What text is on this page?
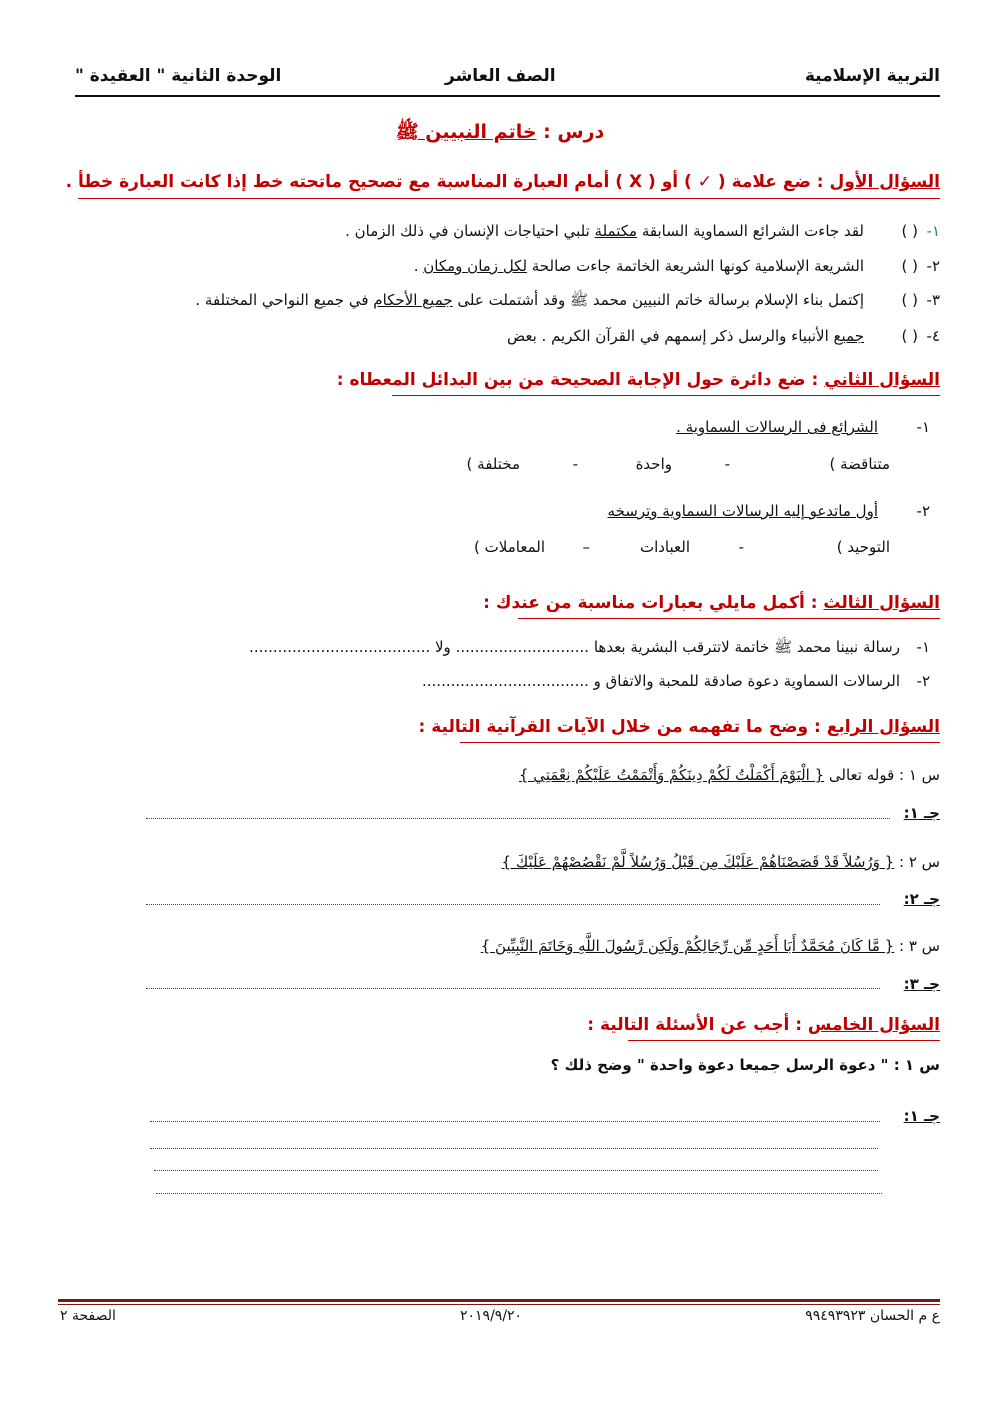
التربية الإسلامية
الصف العاشر
الوحدة الثانية " العقيدة "
درس : خاتم النبيين ﷺ
السؤال الأول : ضع علامة ( ✓ ) أو ( X ) أمام العبارة المناسبة مع تصحيح ماتحته خط إذا كانت العبارة خطأ .
١-
( )
لقد جاءت الشرائع السماوية السابقة مكتملة تلبي احتياجات الإنسان في ذلك الزمان .
٢-
( )
الشريعة الإسلامية كونها الشريعة الخاتمة جاءت صالحة لكل زمان ومكان .
٣-
( )
إكتمل بناء الإسلام برسالة خاتم النبيين محمد ﷺ وقد أشتملت على جميع الأحكام في جميع النواحي المختلفة .
٤-
( )
جميع الأنبياء والرسل ذكر إسمهم في القرآن الكريم . بعض
السؤال الثاني : ضع دائرة حول الإجابة الصحيحة من بين البدائل المعطاه :
١-
الشرائع فى الرسالات السماوية .
( متناقضة
-
واحدة
-
مختلفة )
٢-
أول ماتدعو إليه الرسالات السماوية وترسخه
( التوحيد
-
العبادات
–
المعاملات )
السؤال الثالث : أكمل مايلي بعبارات مناسبة من عندك :
١-
رسالة نبينا محمد ﷺ خاتمة لاتترقب البشرية بعدها ............................ ولا ......................................
٢-
الرسالات السماوية دعوة صادقة للمحبة والاتفاق و ...................................
السؤال الرابع : وضح ما تفهمه من خلال الآيات القرآنية التالية :
س ١ : قوله تعالى { الْيَوْمَ أَكْمَلْتُ لَكُمْ دِينَكُمْ وَأَتْمَمْتُ عَلَيْكُمْ نِعْمَتِي }
جـ ١:
س ٢ : { وَرُسُلاً قَدْ قَصَصْنَاهُمْ عَلَيْكَ مِن قَبْلُ وَرُسُلاً لَّمْ نَقْصُصْهُمْ عَلَيْكَ }
جـ ٢:
س ٣ : { مَّا كَانَ مُحَمَّدٌ أَبَا أَحَدٍ مِّن رِّجَالِكُمْ وَلَكِن رَّسُولَ اللَّهِ وَخَاتَمَ النَّبِيِّينَ }
جـ ٣:
السؤال الخامس : أجب عن الأسئلة التالية :
س ١ : " دعوة الرسل جميعا دعوة واحدة " وضح ذلك ؟
جـ ١:
ع م الحسان ٩٩٤٩٣٩٢٣
٢٠١٩/٩/٢٠
الصفحة ٢
